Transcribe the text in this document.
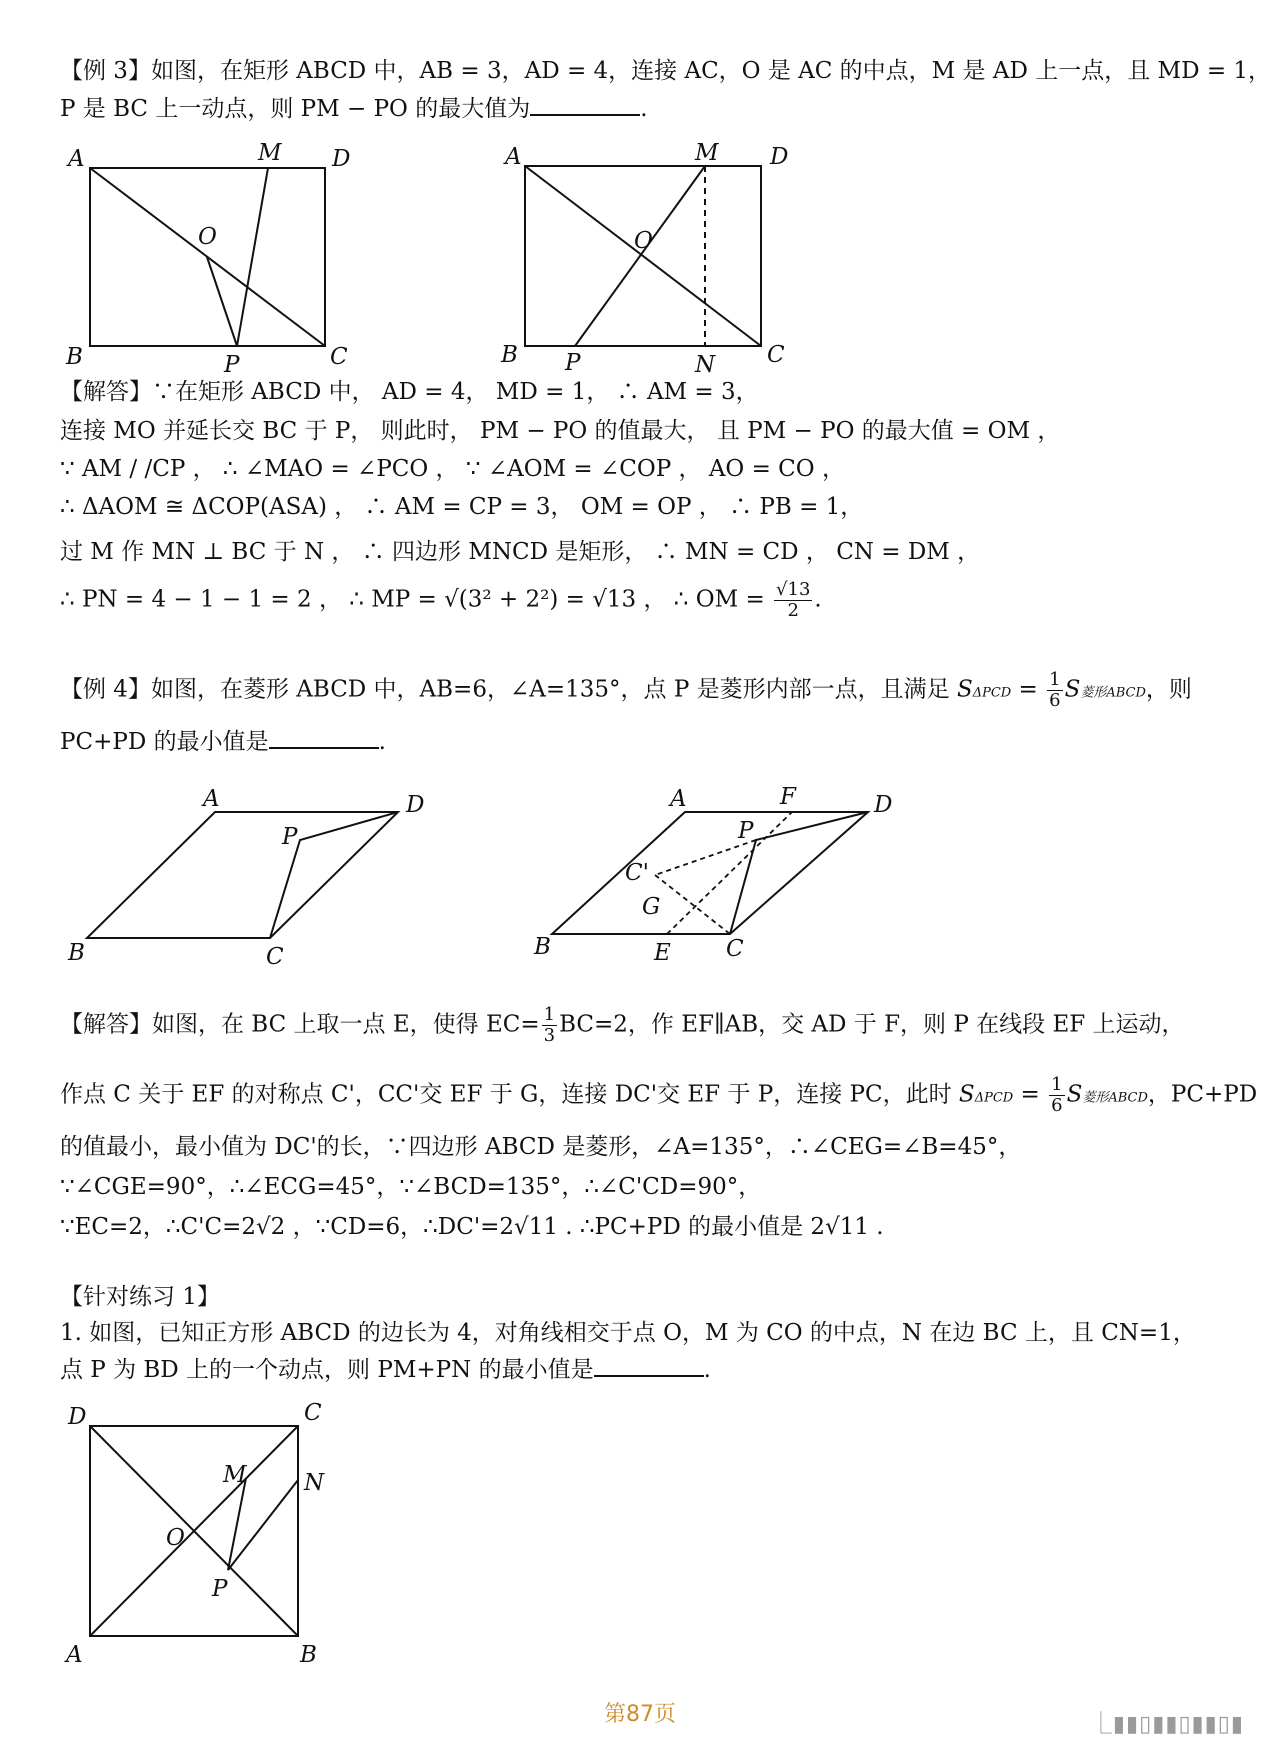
【例 3】如图，在矩形 ABCD 中，AB = 3，AD = 4，连接 AC，O 是 AC 的中点，M 是 AD 上一点，且 MD = 1，
P 是 BC 上一动点，则 PM − PO 的最大值为	.
A	M D
O
B	P	C
A	M D
O
B P	N C
【解答】∵在矩形 ABCD 中， AD = 4， MD = 1， ∴ AM = 3，
连接 MO 并延长交 BC 于 P， 则此时， PM − PO 的值最大， 且 PM − PO 的最大值 = OM ，
∵ AM / /CP ， ∴ ∠MAO = ∠PCO ， ∵ ∠AOM = ∠COP ， AO = CO ，
∴ ΔAOM ≅ ΔCOP(ASA) ， ∴ AM = CP = 3， OM = OP ， ∴ PB = 1，
过 M 作 MN ⊥ BC 于 N ， ∴ 四边形 MNCD 是矩形， ∴ MN = CD ， CN = DM ，
∴ PN = 4 − 1 − 1 = 2 ， ∴ MP = √(3² + 2²) = √13 ， ∴ OM = $\frac{√13}{2}$ .
【例 4】如图，在菱形 ABCD 中，AB=6，∠A=135°，点 P 是菱形内部一点，且满足 $S\Delta PCD = \frac{1}{6}$ S菱形ABCD，则
PC+PD 的最小值是	.
A	D
P
B	C
A	F	D
P
C'
G
B	E C
【解答】如图，在 BC 上取一点 E，使得 $EC= \frac{1}{3} BC=2$，作 EF∥AB，交 AD 于 F，则 P 在线段 EF 上运动，
作点 C 关于 EF 的对称点 C'，CC'交 EF 于 G，连接 DC'交 EF 于 P，连接 PC，此时 $S\Delta PCD = \frac{1}{6}$ S菱形ABCD，PC+PD
的值最小，最小值为 DC'的长，∵四边形 ABCD 是菱形，∠A=135°，∴∠CEG=∠B=45°，
∵∠CGE=90°，∴∠ECG=45°，∵∠BCD=135°，∴∠C'CD=90°，
∵EC=2，∴C'C=2√2 ，∵CD=6，∴DC'=2√11 . ∴PC+PD 的最小值是 2√11 .
【针对练习 1】
1. 如图，已知正方形 ABCD 的边长为 4，对角线相交于点 O，M 为 CO 的中点，N 在边 BC 上，且 CN=1，
点 P 为 BD 上的一个动点，则 PM+PN 的最小值是	.
D	C
M N
O
P
A	B
第87页	⎿▮▮▯▮▮▯▮▮▯▮
